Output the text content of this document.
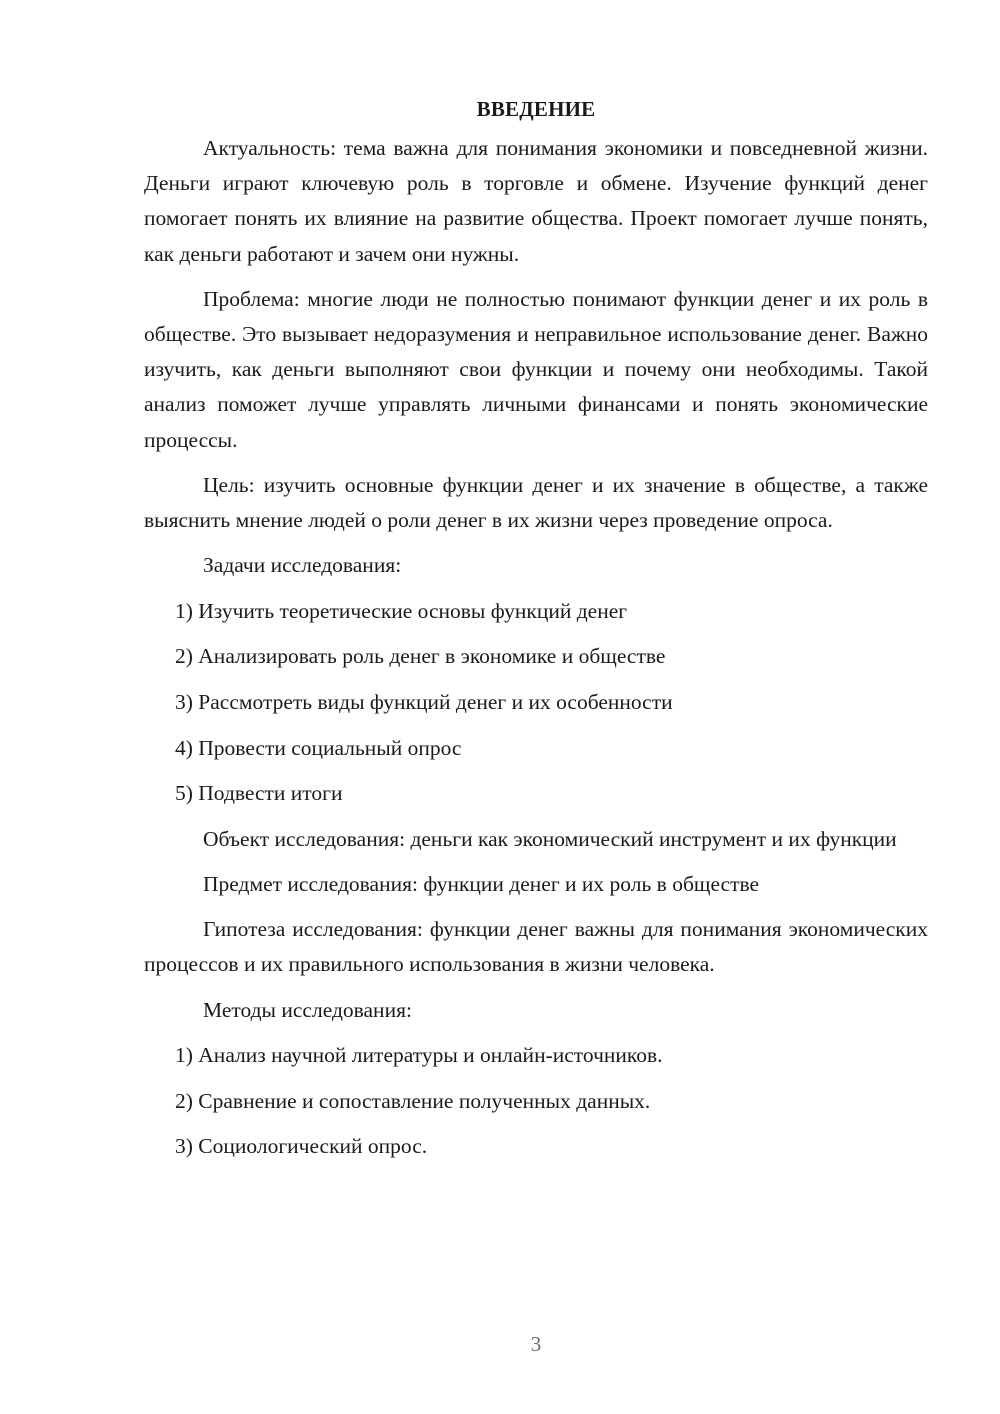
ВВЕДЕНИЕ

Актуальность: тема важна для понимания экономики и повседневной жизни. Деньги играют ключевую роль в торговле и обмене. Изучение функций денег помогает понять их влияние на развитие общества. Проект помогает лучше понять, как деньги работают и зачем они нужны.

Проблема: многие люди не полностью понимают функции денег и их роль в обществе. Это вызывает недоразумения и неправильное использование денег. Важно изучить, как деньги выполняют свои функции и почему они необходимы. Такой анализ поможет лучше управлять личными финансами и понять экономические процессы.

Цель: изучить основные функции денег и их значение в обществе, а также выяснить мнение людей о роли денег в их жизни через проведение опроса.

Задачи исследования:

1) Изучить теоретические основы функций денег
2) Анализировать роль денег в экономике и обществе
3) Рассмотреть виды функций денег и их особенности
4) Провести социальный опрос
5) Подвести итоги

Объект исследования: деньги как экономический инструмент и их функции

Предмет исследования: функции денег и их роль в обществе

Гипотеза исследования: функции денег важны для понимания экономических процессов и их правильного использования в жизни человека.

Методы исследования:

1) Анализ научной литературы и онлайн-источников.
2) Сравнение и сопоставление полученных данных.
3) Социологический опрос.
3
